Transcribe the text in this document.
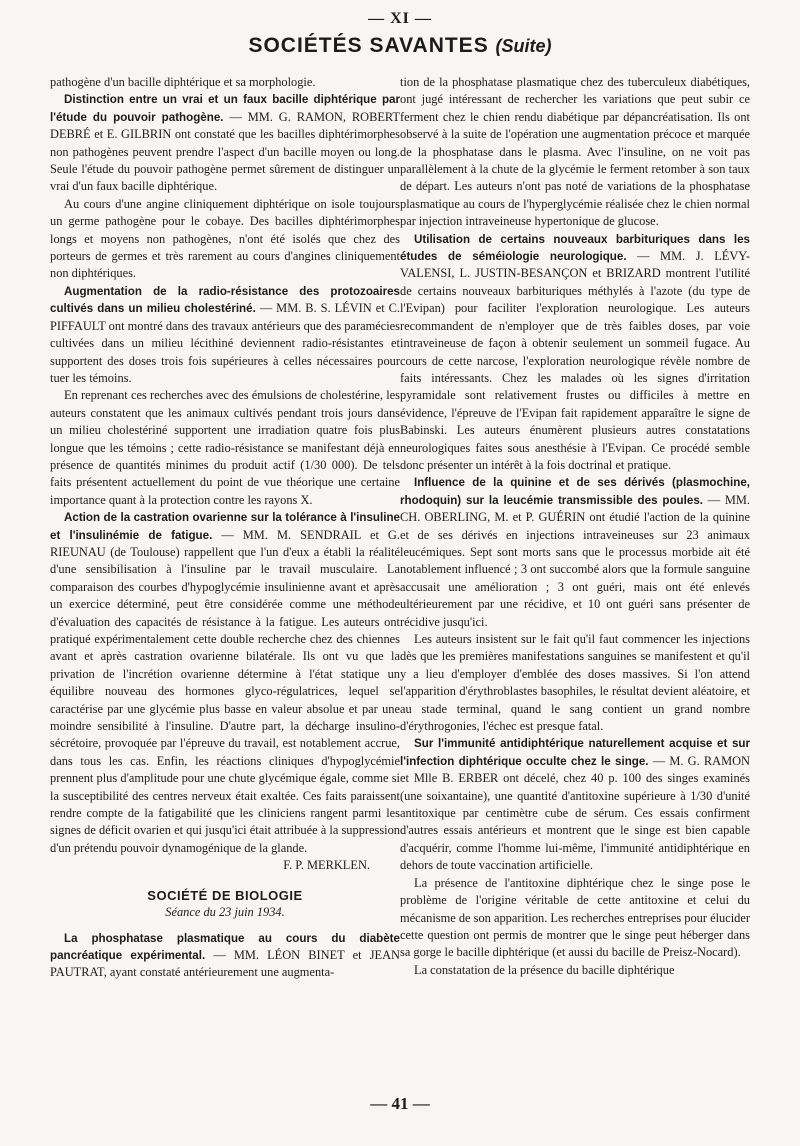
— XI —
SOCIÉTÉS SAVANTES (Suite)

pathogène d'un bacille diphtérique et sa morphologie.

Distinction entre un vrai et un faux bacille diphtérique par l'étude du pouvoir pathogène. — MM. G. RAMON, ROBERT DEBRÉ et E. GILBRIN ont constaté que les bacilles diphtérimorphes non pathogènes peuvent prendre l'aspect d'un bacille moyen ou long. Seule l'étude du pouvoir pathogène permet sûrement de distinguer un vrai d'un faux bacille diphtérique.

Au cours d'une angine cliniquement diphtérique on isole toujours un germe pathogène pour le cobaye. Des bacilles diphtérimorphes longs et moyens non pathogènes, n'ont été isolés que chez des porteurs de germes et très rarement au cours d'angines cliniquement non diphtériques.

Augmentation de la radio-résistance des protozoaires cultivés dans un milieu cholestériné. — MM. B. S. LÉVIN et C. PIFFAULT ont montré dans des travaux antérieurs que des paramécies cultivées dans un milieu lécithiné deviennent radio-résistantes et supportent des doses trois fois supérieures à celles nécessaires pour tuer les témoins.

En reprenant ces recherches avec des émulsions de cholestérine, les auteurs constatent que les animaux cultivés pendant trois jours dans un milieu cholestériné supportent une irradiation quatre fois plus longue que les témoins ; cette radio-résistance se manifestant déjà en présence de quantités minimes du produit actif (1/30 000). De tels faits présentent actuellement du point de vue théorique une certaine importance quant à la protection contre les rayons X.

Action de la castration ovarienne sur la tolérance à l'insuline et l'insulinémie de fatigue. — MM. M. SENDRAIL et G. RIEUNAU (de Toulouse) rappellent que l'un d'eux a établi la réalité d'une sensibilisation à l'insuline par le travail musculaire. La comparaison des courbes d'hypoglycémie insulinienne avant et après un exercice déterminé, peut être considérée comme une méthode d'évaluation des capacités de résistance à la fatigue. Les auteurs ont pratiqué expérimentalement cette double recherche chez des chiennes avant et après castration ovarienne bilatérale. Ils ont vu que la privation de l'incrétion ovarienne détermine à l'état statique un équilibre nouveau des hormones glyco-régulatrices, lequel se caractérise par une glycémie plus basse en valeur absolue et par une moindre sensibilité à l'insuline. D'autre part, la décharge insulino-sécrétoire, provoquée par l'épreuve du travail, est notablement accrue, dans tous les cas. Enfin, les réactions cliniques d'hypoglycémie prennent plus d'amplitude pour une chute glycémique égale, comme si la susceptibilité des centres nerveux était exaltée. Ces faits paraissent rendre compte de la fatigabilité que les cliniciens rangent parmi les signes de déficit ovarien et qui jusqu'ici était attribuée à la suppression d'un prétendu pouvoir dynamogénique de la glande.

F. P. MERKLEN.

SOCIÉTÉ DE BIOLOGIE
Séance du 23 juin 1934.

La phosphatase plasmatique au cours du diabète pancréatique expérimental. — MM. LÉON BINET et JEAN PAUTRAT, ayant constaté antérieurement une augmenta-

tion de la phosphatase plasmatique chez des tuberculeux diabétiques, ont jugé intéressant de rechercher les variations que peut subir ce ferment chez le chien rendu diabétique par dépancréatisation. Ils ont observé à la suite de l'opération une augmentation précoce et marquée de la phosphatase dans le plasma. Avec l'insuline, on ne voit pas parallèlement à la chute de la glycémie le ferment retomber à son taux de départ. Les auteurs n'ont pas noté de variations de la phosphatase plasmatique au cours de l'hyperglycémie réalisée chez le chien normal par injection intraveineuse hypertonique de glucose.

Utilisation de certains nouveaux barbituriques dans les études de séméiologie neurologique. — MM. J. LÉVY-VALENSI, L. JUSTIN-BESANÇON et BRIZARD montrent l'utilité de certains nouveaux barbituriques méthylés à l'azote (du type de l'Evipan) pour faciliter l'exploration neurologique. Les auteurs recommandent de n'employer que de très faibles doses, par voie intraveineuse de façon à obtenir seulement un sommeil fugace. Au cours de cette narcose, l'exploration neurologique révèle nombre de faits intéressants. Chez les malades où les signes d'irritation pyramidale sont relativement frustes ou difficiles à mettre en évidence, l'épreuve de l'Evipan fait rapidement apparaître le signe de Babinski. Les auteurs énumèrent plusieurs autres constatations neurologiques faites sous anesthésie à l'Evipan. Ce procédé semble donc présenter un intérêt à la fois doctrinal et pratique.

Influence de la quinine et de ses dérivés (plasmochine, rhodoquin) sur la leucémie transmissible des poules. — MM. CH. OBERLING, M. et P. GUÉRIN ont étudié l'action de la quinine et de ses dérivés en injections intraveineuses sur 23 animaux leucémiques. Sept sont morts sans que le processus morbide ait été notablement influencé ; 3 ont succombé alors que la formule sanguine accusait une amélioration ; 3 ont guéri, mais ont été enlevés ultérieurement par une récidive, et 10 ont guéri sans présenter de récidive jusqu'ici.

Les auteurs insistent sur le fait qu'il faut commencer les injections dès que les premières manifestations sanguines se manifestent et qu'il y a lieu d'employer d'emblée des doses massives. Si l'on attend l'apparition d'érythroblastes basophiles, le résultat devient aléatoire, et au stade terminal, quand le sang contient un grand nombre d'érythrogonies, l'échec est presque fatal.

Sur l'immunité antidiphtérique naturellement acquise et sur l'infection diphtérique occulte chez le singe. — M. G. RAMON et Mlle B. ERBER ont décelé, chez 40 p. 100 des singes examinés (une soixantaine), une quantité d'antitoxine supérieure à 1/30 d'unité antitoxique par centimètre cube de sérum. Ces essais confirment d'autres essais antérieurs et montrent que le singe est bien capable d'acquérir, comme l'homme lui-même, l'immunité antidiphtérique en dehors de toute vaccination artificielle.

La présence de l'antitoxine diphtérique chez le singe pose le problème de l'origine véritable de cette antitoxine et celui du mécanisme de son apparition. Les recherches entreprises pour élucider cette question ont permis de montrer que le singe peut héberger dans sa gorge le bacille diphtérique (et aussi du bacille de Preisz-Nocard).

La constatation de la présence du bacille diphtérique

— 41 —
